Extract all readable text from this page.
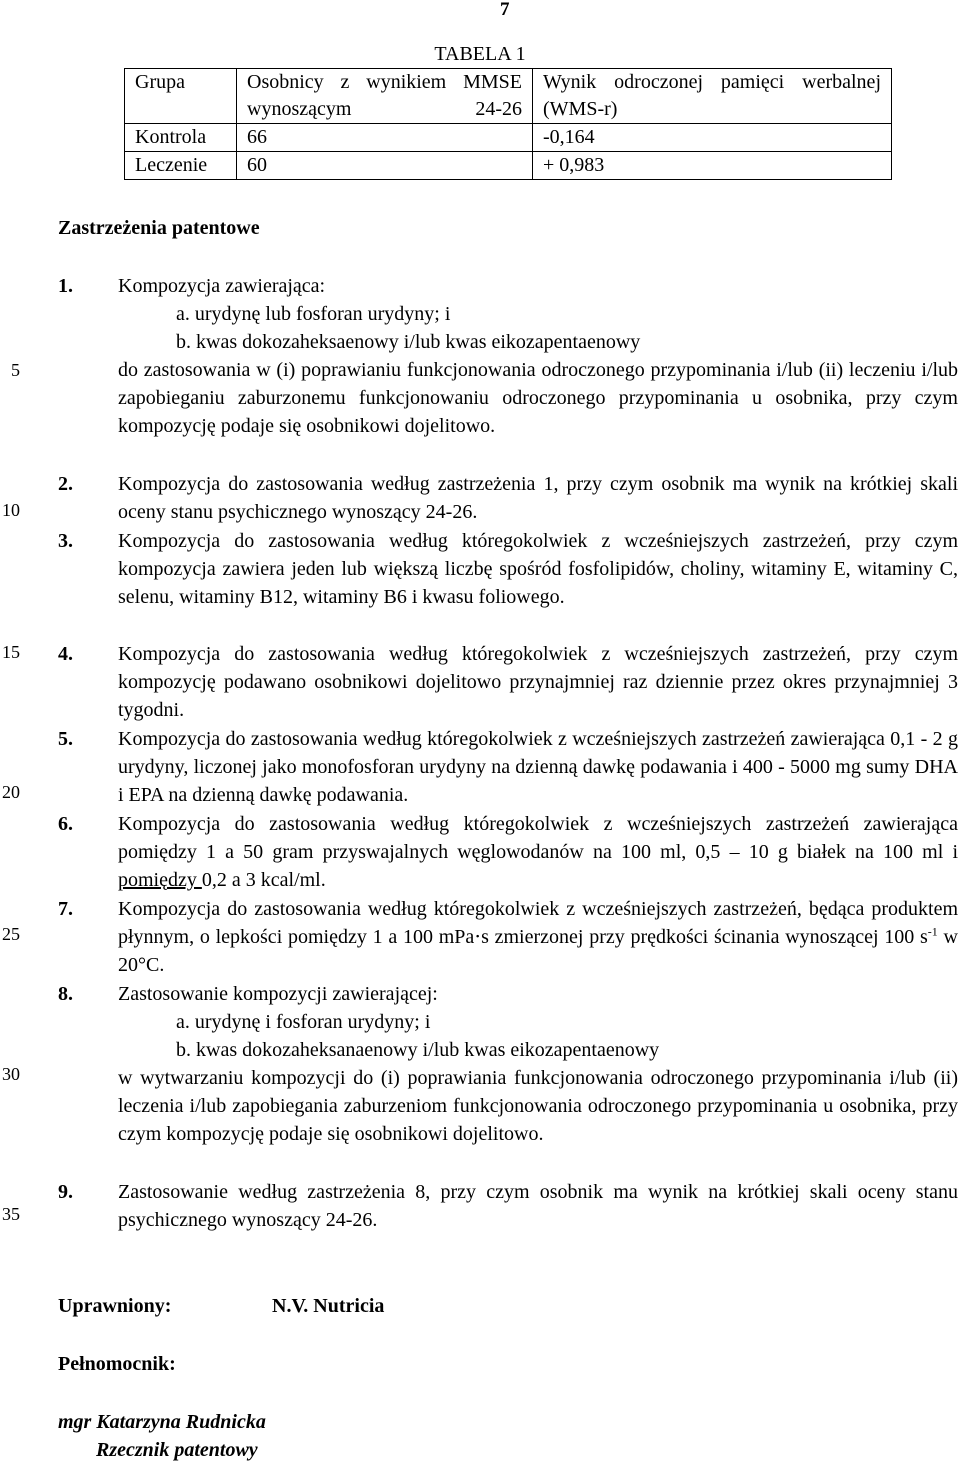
7
TABELA 1
Grupa	Osobnicy z wynikiem MMSE wynoszącym 24-26	Wynik odroczonej pamięci werbalnej (WMS-r)
Kontrola	66	-0,164
Leczenie	60	+ 0,983
Zastrzeżenia patentowe
5
10
15
20
25
30
35
1. Kompozycja zawierająca:
a. urydynę lub fosforan urydyny; i
b. kwas dokozaheksaenowy i/lub kwas eikozapentaenowy
do zastosowania w (i) poprawianiu funkcjonowania odroczonego przypominania i/lub (ii) leczeniu i/lub zapobieganiu zaburzonemu funkcjonowaniu odroczonego przypominania u osobnika, przy czym kompozycję podaje się osobnikowi dojelitowo.
2. Kompozycja do zastosowania według zastrzeżenia 1, przy czym osobnik ma wynik na krótkiej skali oceny stanu psychicznego wynoszący 24-26.
3. Kompozycja do zastosowania według któregokolwiek z wcześniejszych zastrzeżeń, przy czym kompozycja zawiera jeden lub większą liczbę spośród fosfolipidów, choliny, witaminy E, witaminy C, selenu, witaminy B12, witaminy B6 i kwasu foliowego.
4. Kompozycja do zastosowania według któregokolwiek z wcześniejszych zastrzeżeń, przy czym kompozycję podawano osobnikowi dojelitowo przynajmniej raz dziennie przez okres przynajmniej 3 tygodni.
5. Kompozycja do zastosowania według któregokolwiek z wcześniejszych zastrzeżeń zawierająca 0,1 - 2 g urydyny, liczonej jako monofosforan urydyny na dzienną dawkę podawania i 400 - 5000 mg sumy DHA i EPA na dzienną dawkę podawania.
6. Kompozycja do zastosowania według któregokolwiek z wcześniejszych zastrzeżeń zawierająca pomiędzy 1 a 50 gram przyswajalnych węglowodanów na 100 ml, 0,5 – 10 g białek na 100 ml i pomiędzy 0,2 a 3 kcal/ml.
7. Kompozycja do zastosowania według któregokolwiek z wcześniejszych zastrzeżeń, będąca produktem płynnym, o lepkości pomiędzy 1 a 100 mPa⋅s zmierzonej przy prędkości ścinania wynoszącej 100 $s^{-1}$ w 20°C.
8. Zastosowanie kompozycji zawierającej:
a. urydynę i fosforan urydyny; i
b. kwas dokozaheksanaenowy i/lub kwas eikozapentaenowy
w wytwarzaniu kompozycji do (i) poprawiania funkcjonowania odroczonego przypominania i/lub (ii) leczenia i/lub zapobiegania zaburzeniom funkcjonowania odroczonego przypominania u osobnika, przy czym kompozycję podaje się osobnikowi dojelitowo.
9. Zastosowanie według zastrzeżenia 8, przy czym osobnik ma wynik na krótkiej skali oceny stanu psychicznego wynoszący 24-26.
Uprawniony:	N.V. Nutricia
Pełnomocnik:
mgr Katarzyna Rudnicka
Rzecznik patentowy
